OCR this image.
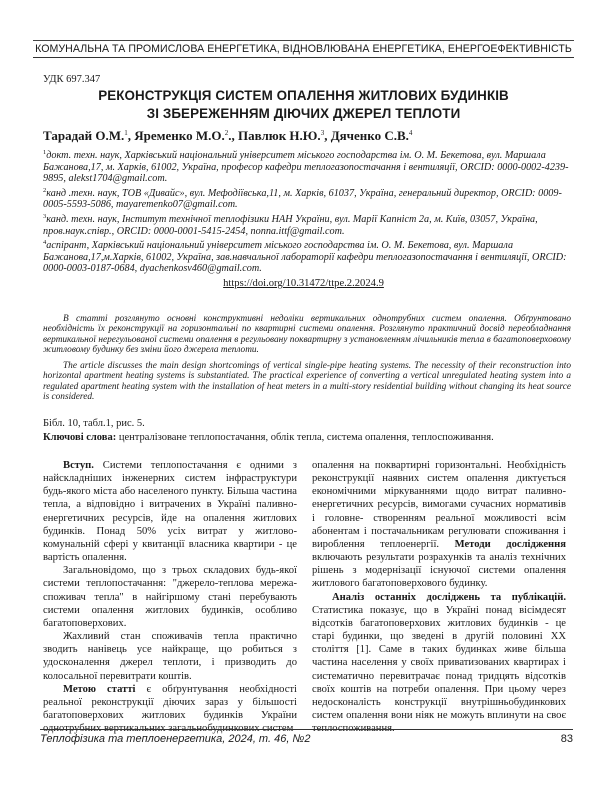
КОМУНАЛЬНА ТА ПРОМИСЛОВА ЕНЕРГЕТИКА, ВІДНОВЛЮВАНА ЕНЕРГЕТИКА, ЕНЕРГОЕФЕКТИВНІСТЬ
УДК 697.347
РЕКОНСТРУКЦІЯ СИСТЕМ ОПАЛЕННЯ ЖИТЛОВИХ БУДИНКІВ
ЗІ ЗБЕРЕЖЕННЯМ ДІЮЧИХ ДЖЕРЕЛ ТЕПЛОТИ
Тарадай О.М.$^1$, Яременко М.О.$^2$., Павлюк Н.Ю.$^3$, Дяченко С.В.$^4$

$^1$докт. техн. наук, Харківський національний університет міського господарства ім. О. М. Бекетова, вул. Маршала Бажанова,17, м. Харків, 61002, Україна, професор кафедри теплогазопостачання і вентиляції, ORCID: 0000-0002-4239-9895, alekst1704@gmail.com.

$^2$канд .техн. наук, ТОВ «Дивайс», вул. Мефодіївська,11, м. Харків, 61037, Україна, генеральний директор, ORCID: 0009-0005-5593-5086, mayaremenko07@gmail.com.

$^3$канд. техн. наук, Інститут технічної теплофізики НАН України, вул. Марії Капніст 2а, м. Київ, 03057, Україна, пров.наук.співр., ORCID: 0000-0001-5415-2454, nonna.ittf@gmail.com.

$^4$аспірант, Харківський національний університет міського господарства ім. О. М. Бекетова, вул. Маршала Бажанова,17,м.Харків, 61002, Україна, зав.навчальної лабораторії кафедри теплогазопостачання і вентиляції, ORCID: 0000-0003-0187-0684, dyachenkosv460@gmail.com.

https://doi.org/10.31472/ttpe.2.2024.9

В статті розглянуто основні конструктивні недоліки вертикальних однотрубних систем опалення. Обґрунтовано необхідність їх реконструкції на горизонтальні по квартирні системи опалення. Розглянуто практичний досвід переобладнання вертикальної нерегульованої системи опалення в регульовану поквартирну з установленням лічильників тепла в багатоповерховому житловому будинку без зміни його джерела теплоти.

The article discusses the main design shortcomings of vertical single-pipe heating systems. The necessity of their reconstruction into horizontal apartment heating systems is substantiated. The practical experience of converting a vertical unregulated heating system into a regulated apartment heating system with the installation of heat meters in a multi-story residential building without changing its heat source is considered.

Бібл. 10, табл.1, рис. 5.
Ключові слова: централізоване теплопостачання, облік тепла, система опалення, теплоспоживання.

Вступ. Системи теплопостачання є одними з найскладніших інженерних систем інфраструктури будь-якого міста або населеного пункту. Більша частина тепла, а відповідно і витрачених в Україні паливно-енергетичних ресурсів, йде на опалення житлових будинків. Понад 50% усіх витрат у житлово-комунальній сфері у квитанції власника квартири - це вартість опалення.

Загальновідомо, що з трьох складових будь-якої системи теплопостачання: "джерело-теплова мережа-споживач тепла" в найгіршому стані перебувають системи опалення житлових будинків, особливо багатоповерхових.

Жахливий стан споживачів тепла практично зводить нанівець усе найкраще, що робиться з удосконалення джерел теплоти, і призводить до колосальної перевитрати коштів.

Метою статті є обґрунтування необхідності реальної реконструкції діючих зараз у більшості багатоповерхових житлових будинків України однотрубних вертикальних загальнобудинкових систем

опалення на поквартирні горизонтальні. Необхідність реконструкції наявних систем опалення диктується економічними міркуваннями щодо витрат паливно-енергетичних ресурсів, вимогами сучасних нормативів і головне- створенням реальної можливості всім абонентам і постачальникам регулювати споживання і вироблення теплоенергії. Методи дослідження включають результати розрахунків та аналіз технічних рішень з модернізації існуючої системи опалення житлового багатоповерхового будинку.

Аналіз останніх досліджень та публікацій. Статистика показує, що в Україні понад вісімдесят відсотків багатоповерхових житлових будинків - це старі будинки, що зведені в другій половині XX століття [1]. Саме в таких будинках живе більша частина населення у своїх приватизованих квартирах і систематично перевитрачає понад тридцять відсотків своїх коштів на потреби опалення. При цьому через недосконалість конструкції внутрішньобудинкових систем опалення вони ніяк не можуть вплинути на своє теплоспоживання.

Теплофізика та теплоенергетика, 2024, т. 46, №2	83
